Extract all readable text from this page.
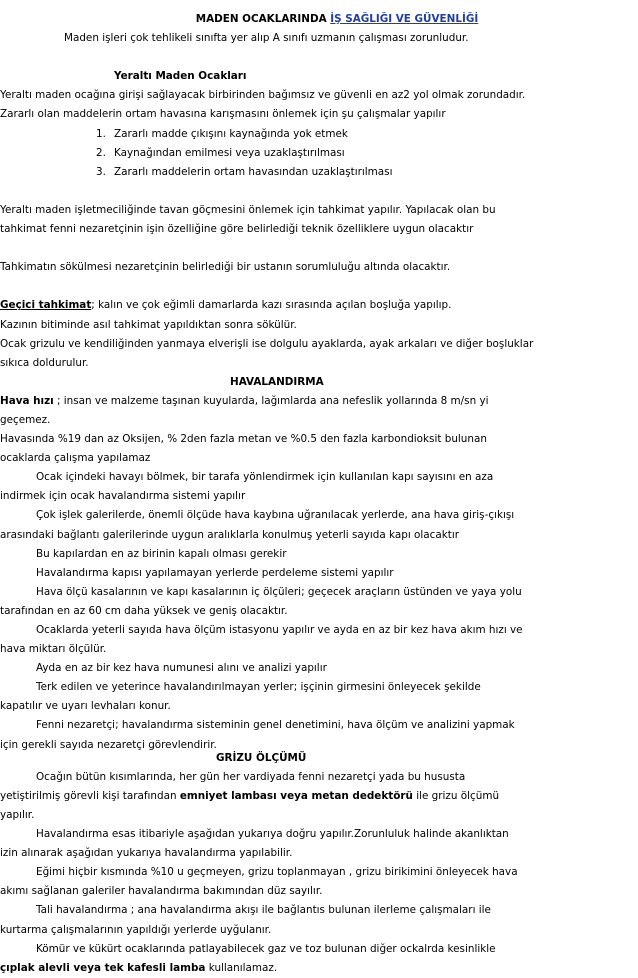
MADEN OCAKLARINDA İŞ SAĞLIĞI VE GÜVENLİĞİ
Maden işleri çok tehlikeli sınıfta yer alıp A sınıfı uzmanın çalışması zorunludur.
Yeraltı Maden Ocakları
Yeraltı maden ocağına girişi sağlayacak birbirinden bağımsız ve güvenli en az2 yol olmak zorundadır.
Zararlı olan maddelerin ortam havasına karışmasını önlemek için şu çalışmalar yapılır
1. Zararlı madde çıkışını kaynağında yok etmek
2. Kaynağından emilmesi veya uzaklaştırılması
3. Zararlı maddelerin ortam havasından uzaklaştırılması
Yeraltı maden işletmeciliğinde tavan göçmesini önlemek için tahkimat yapılır. Yapılacak olan bu
tahkimat fenni nezaretçinin işin özelliğine göre belirlediği teknik özelliklere uygun olacaktır
Tahkimatın sökülmesi nezaretçinin belirlediği bir ustanın sorumluluğu altında olacaktır.
Geçici tahkimat; kalın ve çok eğimli damarlarda kazı sırasında açılan boşluğa yapılıp.
Kazının bitiminde asıl tahkimat yapıldıktan sonra sökülür.
Ocak grizulu ve kendiliğinden yanmaya elverişli ise dolgulu ayaklarda, ayak arkaları ve diğer boşluklar
sıkıca doldurulur.
HAVALANDIRMA
Hava hızı ; insan ve malzeme taşınan kuyularda, lağımlarda ana nefeslik yollarında 8 m/sn yi
geçemez.
Havasında %19 dan az Oksijen, % 2den fazla metan ve %0.5 den fazla karbondioksit bulunan
ocaklarda çalışma yapılamaz
Ocak içindeki havayı bölmek, bir tarafa yönlendirmek için kullanılan kapı sayısını en aza
indirmek için ocak havalandırma sistemi yapılır
Çok işlek galerilerde, önemli ölçüde hava kaybına uğranılacak yerlerde, ana hava giriş-çıkışı
arasındaki bağlantı galerilerinde uygun aralıklarla konulmuş yeterli sayıda kapı olacaktır
Bu kapılardan en az birinin kapalı olması gerekir
Havalandırma kapısı yapılamayan yerlerde perdeleme sistemi yapılır
Hava ölçü kasalarının ve kapı kasalarının iç ölçüleri; geçecek araçların üstünden ve yaya yolu
tarafından en az 60 cm daha yüksek ve geniş olacaktır.
Ocaklarda yeterli sayıda hava ölçüm istasyonu yapılır ve ayda en az bir kez hava akım hızı ve
hava miktarı ölçülür.
Ayda en az bir kez hava numunesi alını ve analizi yapılır
Terk edilen ve yeterince havalandırılmayan yerler; işçinin girmesini önleyecek şekilde
kapatılır ve uyarı levhaları konur.
Fenni nezaretçi; havalandırma sisteminin genel denetimini, hava ölçüm ve analizini yapmak
için gerekli sayıda nezaretçi görevlendirir.
GRİZU ÖLÇÜMÜ
Ocağın bütün kısımlarında, her gün her vardiyada fenni nezaretçi yada bu hususta
yetiştirilmiş görevli kişi tarafından emniyet lambası veya metan dedektörü ile grizu ölçümü
yapılır.
Havalandırma esas itibariyle aşağıdan yukarıya doğru yapılır.Zorunluluk halinde akanlıktan
izin alınarak aşağıdan yukarıya havalandırma yapılabilir.
Eğimi hiçbir kısmında %10 u geçmeyen, grizu toplanmayan , grizu birikimini önleyecek hava
akımı sağlanan galeriler havalandırma bakımından düz sayılır.
Tali havalandırma ; ana havalandırma akışı ile bağlantıs bulunan ilerleme çalışmaları ile
kurtarma çalışmalarının yapıldığı yerlerde uyğulanır.
Kömür ve kükürt ocaklarında patlayabilecek gaz ve toz bulunan diğer ockalrda kesinlikle
çıplak alevli veya tek kafesli lamba kullanılamaz.
